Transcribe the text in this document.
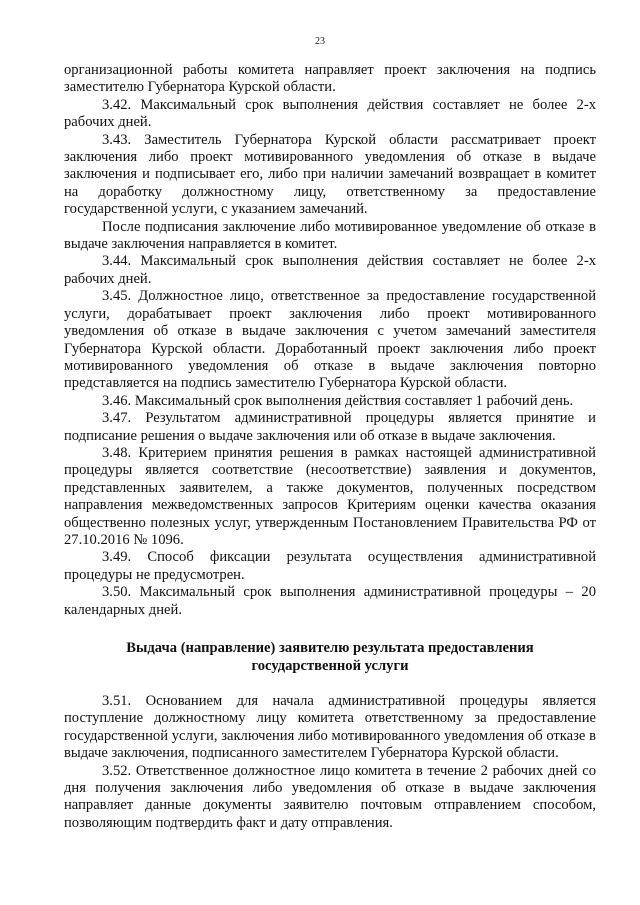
23

организационной работы комитета направляет проект заключения на подпись заместителю Губернатора Курской области.

3.42. Максимальный срок выполнения действия составляет не более 2-х рабочих дней.

3.43. Заместитель Губернатора Курской области рассматривает проект заключения либо проект мотивированного уведомления об отказе в выдаче заключения и подписывает его, либо при наличии замечаний возвращает в комитет на доработку должностному лицу, ответственному за предоставление государственной услуги, с указанием замечаний.

После подписания заключение либо мотивированное уведомление об отказе в выдаче заключения направляется в комитет.

3.44. Максимальный срок выполнения действия составляет не более 2-х рабочих дней.

3.45. Должностное лицо, ответственное за предоставление государственной услуги, дорабатывает проект заключения либо проект мотивированного уведомления об отказе в выдаче заключения с учетом замечаний заместителя Губернатора Курской области. Доработанный проект заключения либо проект мотивированного уведомления об отказе в выдаче заключения повторно представляется на подпись заместителю Губернатора Курской области.

3.46. Максимальный срок выполнения действия составляет 1 рабочий день.

3.47. Результатом административной процедуры является принятие и подписание решения о выдаче заключения или об отказе в выдаче заключения.

3.48. Критерием принятия решения в рамках настоящей административной процедуры является соответствие (несоответствие) заявления и документов, представленных заявителем, а также документов, полученных посредством направления межведомственных запросов Критериям оценки качества оказания общественно полезных услуг, утвержденным Постановлением Правительства РФ от 27.10.2016 № 1096.

3.49. Способ фиксации результата осуществления административной процедуры не предусмотрен.

3.50. Максимальный срок выполнения административной процедуры – 20 календарных дней.

Выдача (направление) заявителю результата предоставления
государственной услуги

3.51. Основанием для начала административной процедуры является поступление должностному лицу комитета ответственному за предоставление государственной услуги, заключения либо мотивированного уведомления об отказе в выдаче заключения, подписанного заместителем Губернатора Курской области.

3.52. Ответственное должностное лицо комитета в течение 2 рабочих дней со дня получения заключения либо уведомления об отказе в выдаче заключения направляет данные документы заявителю почтовым отправлением способом, позволяющим подтвердить факт и дату отправления.
